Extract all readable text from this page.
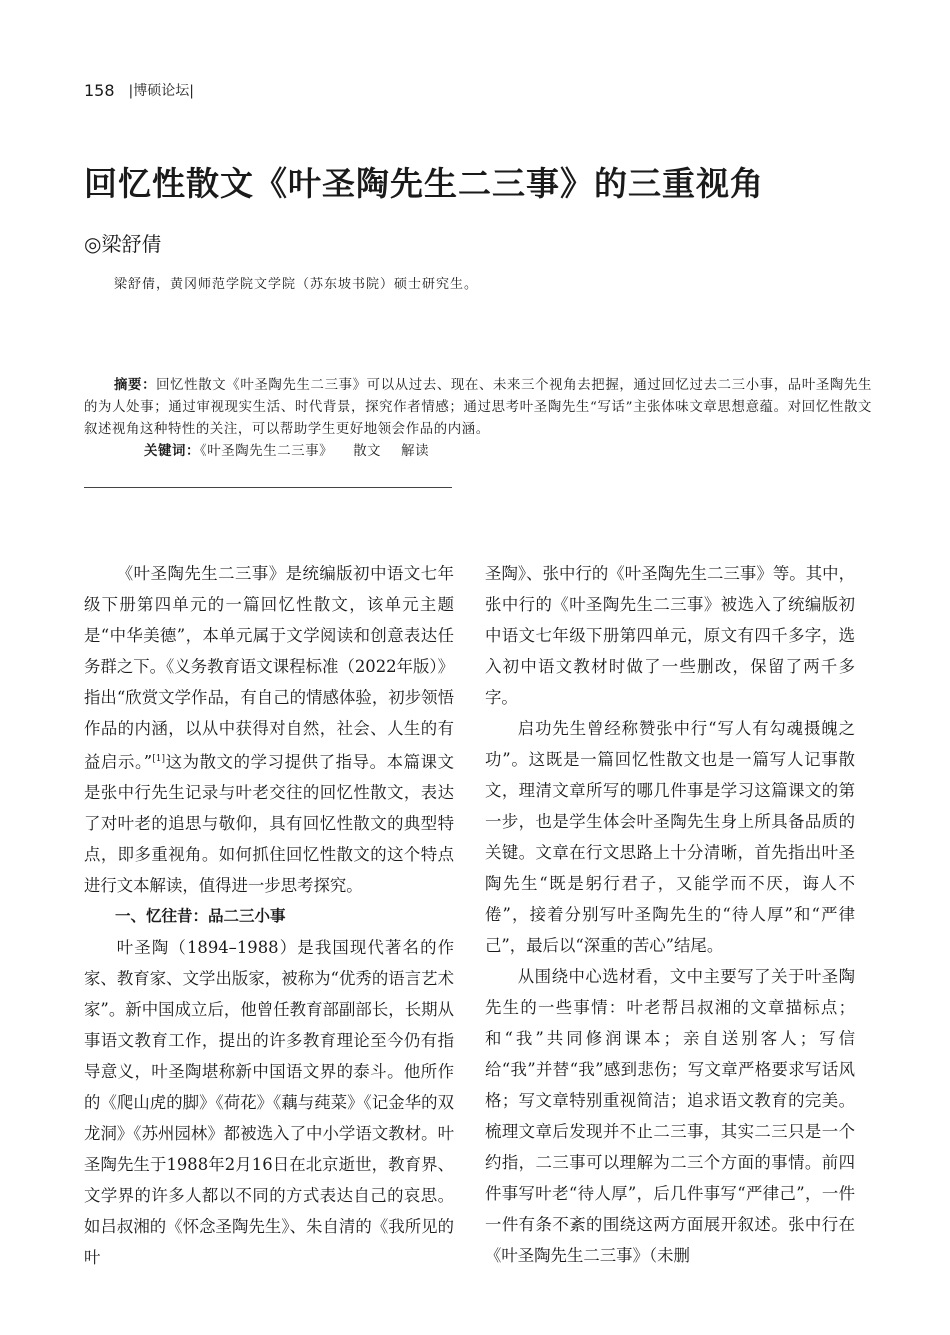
158 |博硕论坛|
回忆性散文《叶圣陶先生二三事》的三重视角
◎梁舒倩
梁舒倩，黄冈师范学院文学院（苏东坡书院）硕士研究生。

摘要：回忆性散文《叶圣陶先生二三事》可以从过去、现在、未来三个视角去把握，通过回忆过去二三小事，品叶圣陶先生的为人处事；通过审视现实生活、时代背景，探究作者情感；通过思考叶圣陶先生“写话”主张体味文章思想意蕴。对回忆性散文叙述视角这种特性的关注，可以帮助学生更好地领会作品的内涵。

关键词：《叶圣陶先生二三事》 散文 解读

《叶圣陶先生二三事》是统编版初中语文七年级下册第四单元的一篇回忆性散文，该单元主题是“中华美德”，本单元属于文学阅读和创意表达任务群之下。《义务教育语文课程标准（2022年版）》指出“欣赏文学作品，有自己的情感体验，初步领悟作品的内涵，以从中获得对自然，社会、人生的有益启示。”[1]这为散文的学习提供了指导。本篇课文是张中行先生记录与叶老交往的回忆性散文，表达了对叶老的追思与敬仰，具有回忆性散文的典型特点，即多重视角。如何抓住回忆性散文的这个特点进行文本解读，值得进一步思考探究。

一、忆往昔：品二三小事

叶圣陶（1894–1988）是我国现代著名的作家、教育家、文学出版家，被称为“优秀的语言艺术家”。新中国成立后，他曾任教育部副部长，长期从事语文教育工作，提出的许多教育理论至今仍有指导意义，叶圣陶堪称新中国语文界的泰斗。他所作的《爬山虎的脚》《荷花》《藕与莼菜》《记金华的双龙洞》《苏州园林》都被选入了中小学语文教材。叶圣陶先生于1988年2月16日在北京逝世，教育界、文学界的许多人都以不同的方式表达自己的哀思。如吕叔湘的《怀念圣陶先生》、朱自清的《我所见的叶

圣陶》、张中行的《叶圣陶先生二三事》等。其中，张中行的《叶圣陶先生二三事》被选入了统编版初中语文七年级下册第四单元，原文有四千多字，选入初中语文教材时做了一些删改，保留了两千多字。

启功先生曾经称赞张中行“写人有勾魂摄魄之功”。这既是一篇回忆性散文也是一篇写人记事散文，理清文章所写的哪几件事是学习这篇课文的第一步，也是学生体会叶圣陶先生身上所具备品质的关键。文章在行文思路上十分清晰，首先指出叶圣陶先生“既是躬行君子，又能学而不厌，诲人不倦”，接着分别写叶圣陶先生的“待人厚”和“严律己”，最后以“深重的苦心”结尾。

从围绕中心选材看，文中主要写了关于叶圣陶先生的一些事情：叶老帮吕叔湘的文章描标点；和“我”共同修润课本；亲自送别客人；写信给“我”并替“我”感到悲伤；写文章严格要求写话风格；写文章特别重视简洁；追求语文教育的完美。梳理文章后发现并不止二三事，其实二三只是一个约指，二三事可以理解为二三个方面的事情。前四件事写叶老“待人厚”，后几件事写“严律己”，一件一件有条不紊的围绕这两方面展开叙述。张中行在《叶圣陶先生二三事》（未删
